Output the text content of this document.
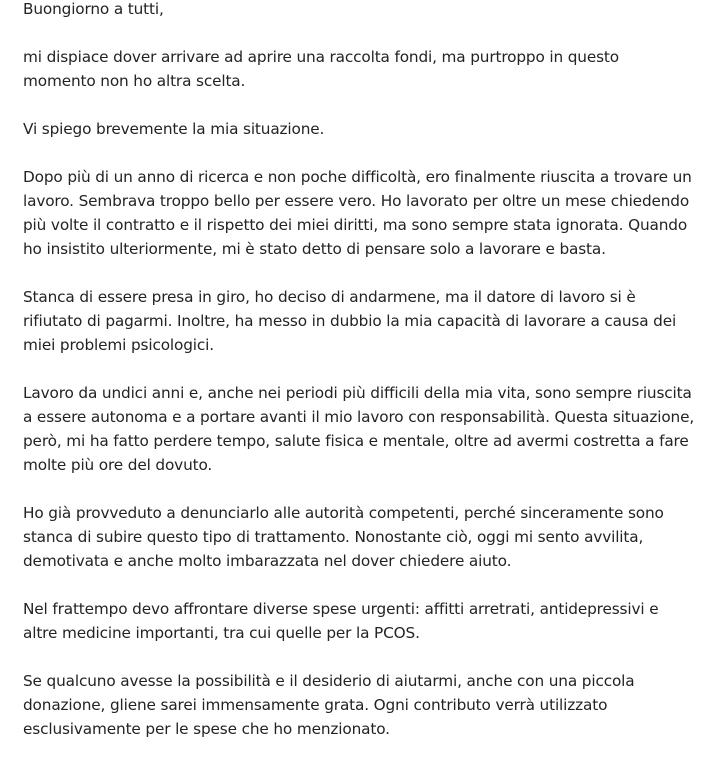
Buongiorno a tutti,

mi dispiace dover arrivare ad aprire una raccolta fondi, ma purtroppo in questo momento non ho altra scelta.

Vi spiego brevemente la mia situazione.

Dopo più di un anno di ricerca e non poche difficoltà, ero finalmente riuscita a trovare un lavoro. Sembrava troppo bello per essere vero. Ho lavorato per oltre un mese chiedendo più volte il contratto e il rispetto dei miei diritti, ma sono sempre stata ignorata. Quando ho insistito ulteriormente, mi è stato detto di pensare solo a lavorare e basta.

Stanca di essere presa in giro, ho deciso di andarmene, ma il datore di lavoro si è rifiutato di pagarmi. Inoltre, ha messo in dubbio la mia capacità di lavorare a causa dei miei problemi psicologici.

Lavoro da undici anni e, anche nei periodi più difficili della mia vita, sono sempre riuscita a essere autonoma e a portare avanti il mio lavoro con responsabilità. Questa situazione, però, mi ha fatto perdere tempo, salute fisica e mentale, oltre ad avermi costretta a fare molte più ore del dovuto.

Ho già provveduto a denunciarlo alle autorità competenti, perché sinceramente sono stanca di subire questo tipo di trattamento. Nonostante ciò, oggi mi sento avvilita, demotivata e anche molto imbarazzata nel dover chiedere aiuto.

Nel frattempo devo affrontare diverse spese urgenti: affitti arretrati, antidepressivi e altre medicine importanti, tra cui quelle per la PCOS.

Se qualcuno avesse la possibilità e il desiderio di aiutarmi, anche con una piccola donazione, gliene sarei immensamente grata. Ogni contributo verrà utilizzato esclusivamente per le spese che ho menzionato.
